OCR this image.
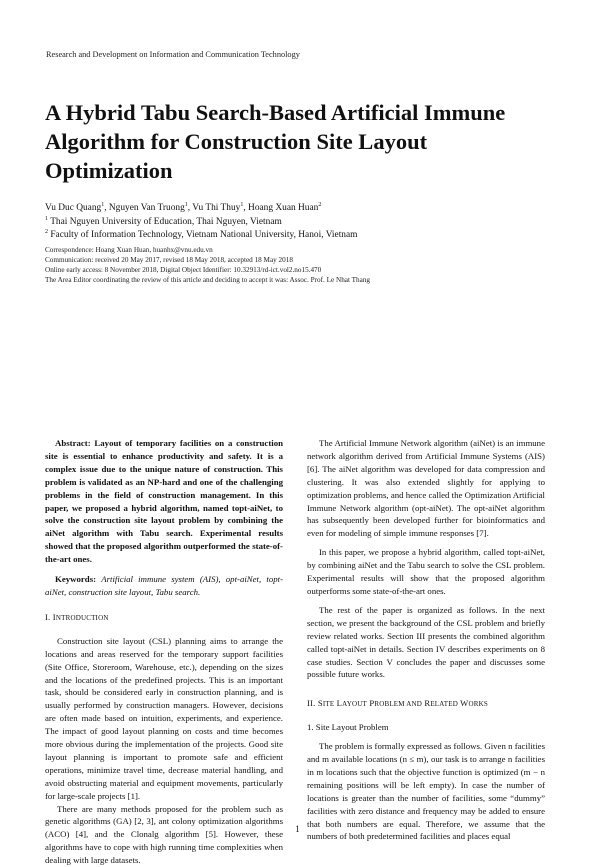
Research and Development on Information and Communication Technology
A Hybrid Tabu Search-Based Artificial Immune Algorithm for Construction Site Layout Optimization
Vu Duc Quang$^1$, Nguyen Van Truong$^1$, Vu Thi Thuy$^1$, Hoang Xuan Huan$^2$
$^1$ Thai Nguyen University of Education, Thai Nguyen, Vietnam
$^2$ Faculty of Information Technology, Vietnam National University, Hanoi, Vietnam
Correspondence: Hoang Xuan Huan, huanhx@vnu.edu.vn
Communication: received 20 May 2017, revised 18 May 2018, accepted 18 May 2018
Online early access: 8 November 2018, Digital Object Identifier: 10.32913/rd-ict.vol2.no15.470
The Area Editor coordinating the review of this article and deciding to accept it was: Assoc. Prof. Le Nhat Thang

Abstract: Layout of temporary facilities on a construction site is essential to enhance productivity and safety. It is a complex issue due to the unique nature of construction. This problem is validated as an NP-hard and one of the challenging problems in the field of construction management. In this paper, we proposed a hybrid algorithm, named topt-aiNet, to solve the construction site layout problem by combining the aiNet algorithm with Tabu search. Experimental results showed that the proposed algorithm outperformed the state-of-the-art ones.

Keywords: Artificial immune system (AIS), opt-aiNet, topt-aiNet, construction site layout, Tabu search.

I. INTRODUCTION

Construction site layout (CSL) planning aims to arrange the locations and areas reserved for the temporary support facilities (Site Office, Storeroom, Warehouse, etc.), depending on the sizes and the locations of the predefined projects. This is an important task, should be considered early in construction planning, and is usually performed by construction managers. However, decisions are often made based on intuition, experiments, and experience. The impact of good layout planning on costs and time becomes more obvious during the implementation of the projects. Good site layout planning is important to promote safe and efficient operations, minimize travel time, decrease material handling, and avoid obstructing material and equipment movements, particularly for large-scale projects [1].

There are many methods proposed for the problem such as genetic algorithms (GA) [2, 3], ant colony optimization algorithms (ACO) [4], and the Clonalg algorithm [5]. However, these algorithms have to cope with high running time complexities when dealing with large datasets.

The Artificial Immune Network algorithm (aiNet) is an immune network algorithm derived from Artificial Immune Systems (AIS) [6]. The aiNet algorithm was developed for data compression and clustering. It was also extended slightly for applying to optimization problems, and hence called the Optimization Artificial Immune Network algorithm (opt-aiNet). The opt-aiNet algorithm has subsequently been developed further for bioinformatics and even for modeling of simple immune responses [7].

In this paper, we propose a hybrid algorithm, called topt-aiNet, by combining aiNet and the Tabu search to solve the CSL problem. Experimental results will show that the proposed algorithm outperforms some state-of-the-art ones.

The rest of the paper is organized as follows. In the next section, we present the background of the CSL problem and briefly review related works. Section III presents the combined algorithm called topt-aiNet in details. Section IV describes experiments on 8 case studies. Section V concludes the paper and discusses some possible future works.

II. SITE LAYOUT PROBLEM AND RELATED WORKS
1. Site Layout Problem

The problem is formally expressed as follows. Given n facilities and m available locations (n ≤ m), our task is to arrange n facilities in m locations such that the objective function is optimized (m − n remaining positions will be left empty). In case the number of locations is greater than the number of facilities, some “dummy” facilities with zero distance and frequency may be added to ensure that both numbers are equal. Therefore, we assume that the numbers of both predetermined facilities and places equal

1
